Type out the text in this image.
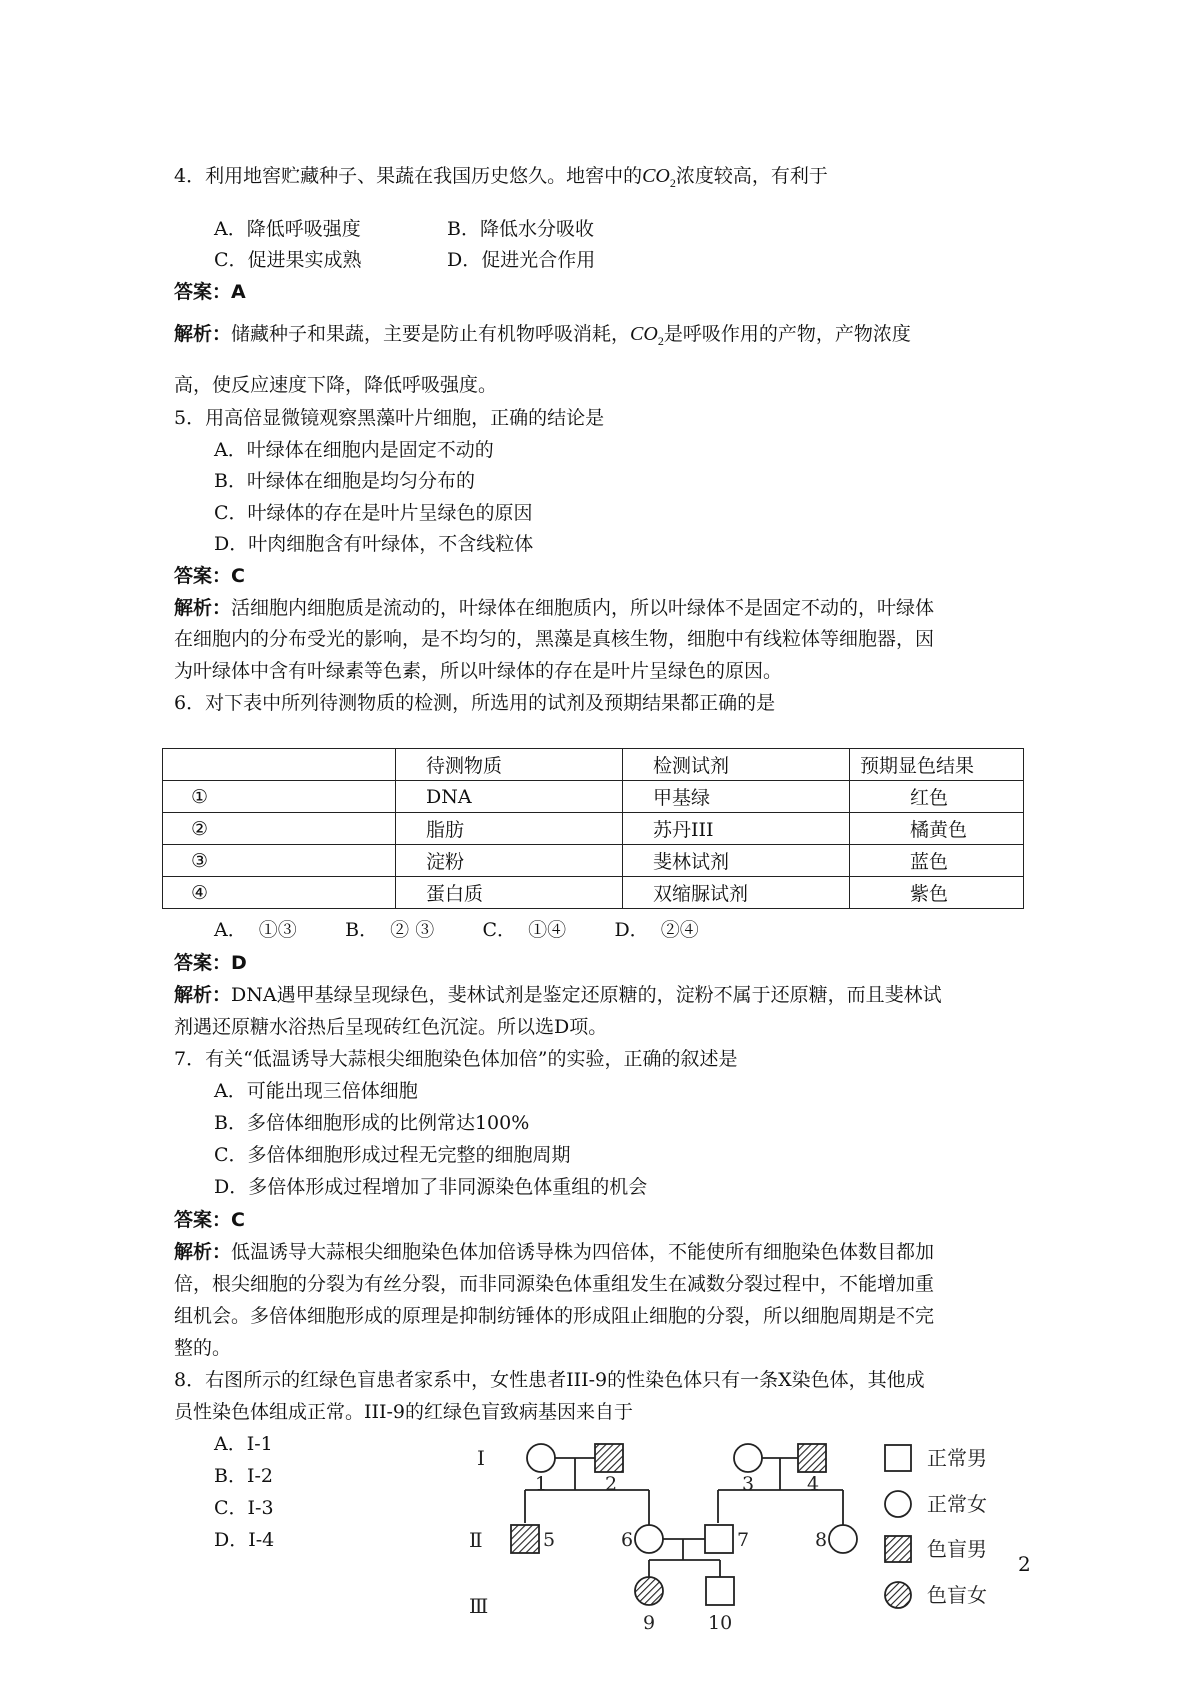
4．利用地窖贮藏种子、果蔬在我国历史悠久。地窖中的$CO_2$浓度较高，有利于
A．降低呼吸强度	B．降低水分吸收
C．促进果实成熟	D．促进光合作用
答案：A
解析：储藏种子和果蔬，主要是防止有机物呼吸消耗，$CO_2$是呼吸作用的产物，产物浓度
高，使反应速度下降，降低呼吸强度。
5．用高倍显微镜观察黑藻叶片细胞，正确的结论是
A．叶绿体在细胞内是固定不动的
B．叶绿体在细胞是均匀分布的
C．叶绿体的存在是叶片呈绿色的原因
D．叶肉细胞含有叶绿体，不含线粒体
答案：C
解析：活细胞内细胞质是流动的，叶绿体在细胞质内，所以叶绿体不是固定不动的，叶绿体
在细胞内的分布受光的影响，是不均匀的，黑藻是真核生物，细胞中有线粒体等细胞器，因
为叶绿体中含有叶绿素等色素，所以叶绿体的存在是叶片呈绿色的原因。
6．对下表中所列待测物质的检测，所选用的试剂及预期结果都正确的是
	待测物质	检测试剂	预期显色结果
①	DNA	甲基绿	红色
②	脂肪	苏丹III	橘黄色
③	淀粉	斐林试剂	蓝色
④	蛋白质	双缩脲试剂	紫色
A．  ①③        B．  ② ③        C．  ①④        D．  ②④
答案：D
解析：DNA遇甲基绿呈现绿色，斐林试剂是鉴定还原糖的，淀粉不属于还原糖，而且斐林试
剂遇还原糖水浴热后呈现砖红色沉淀。所以选D项。
7．有关“低温诱导大蒜根尖细胞染色体加倍”的实验，正确的叙述是
A．可能出现三倍体细胞
B．多倍体细胞形成的比例常达100%
C．多倍体细胞形成过程无完整的细胞周期
D．多倍体形成过程增加了非同源染色体重组的机会
答案：C
解析：低温诱导大蒜根尖细胞染色体加倍诱导株为四倍体，不能使所有细胞染色体数目都加
倍，根尖细胞的分裂为有丝分裂，而非同源染色体重组发生在减数分裂过程中，不能增加重
组机会。多倍体细胞形成的原理是抑制纺锤体的形成阻止细胞的分裂，所以细胞周期是不完
整的。
8．右图所示的红绿色盲患者家系中，女性患者III-9的性染色体只有一条X染色体，其他成
员性染色体组成正常。III-9的红绿色盲致病基因来自于
A．Ⅰ-1
B．Ⅰ-2
C．Ⅰ-3
D．Ⅰ-4
Ⅰ
Ⅱ
Ⅲ
1	2	3	4
5	6	7	8
9	10
正常男
正常女
色盲男
色盲女
2
